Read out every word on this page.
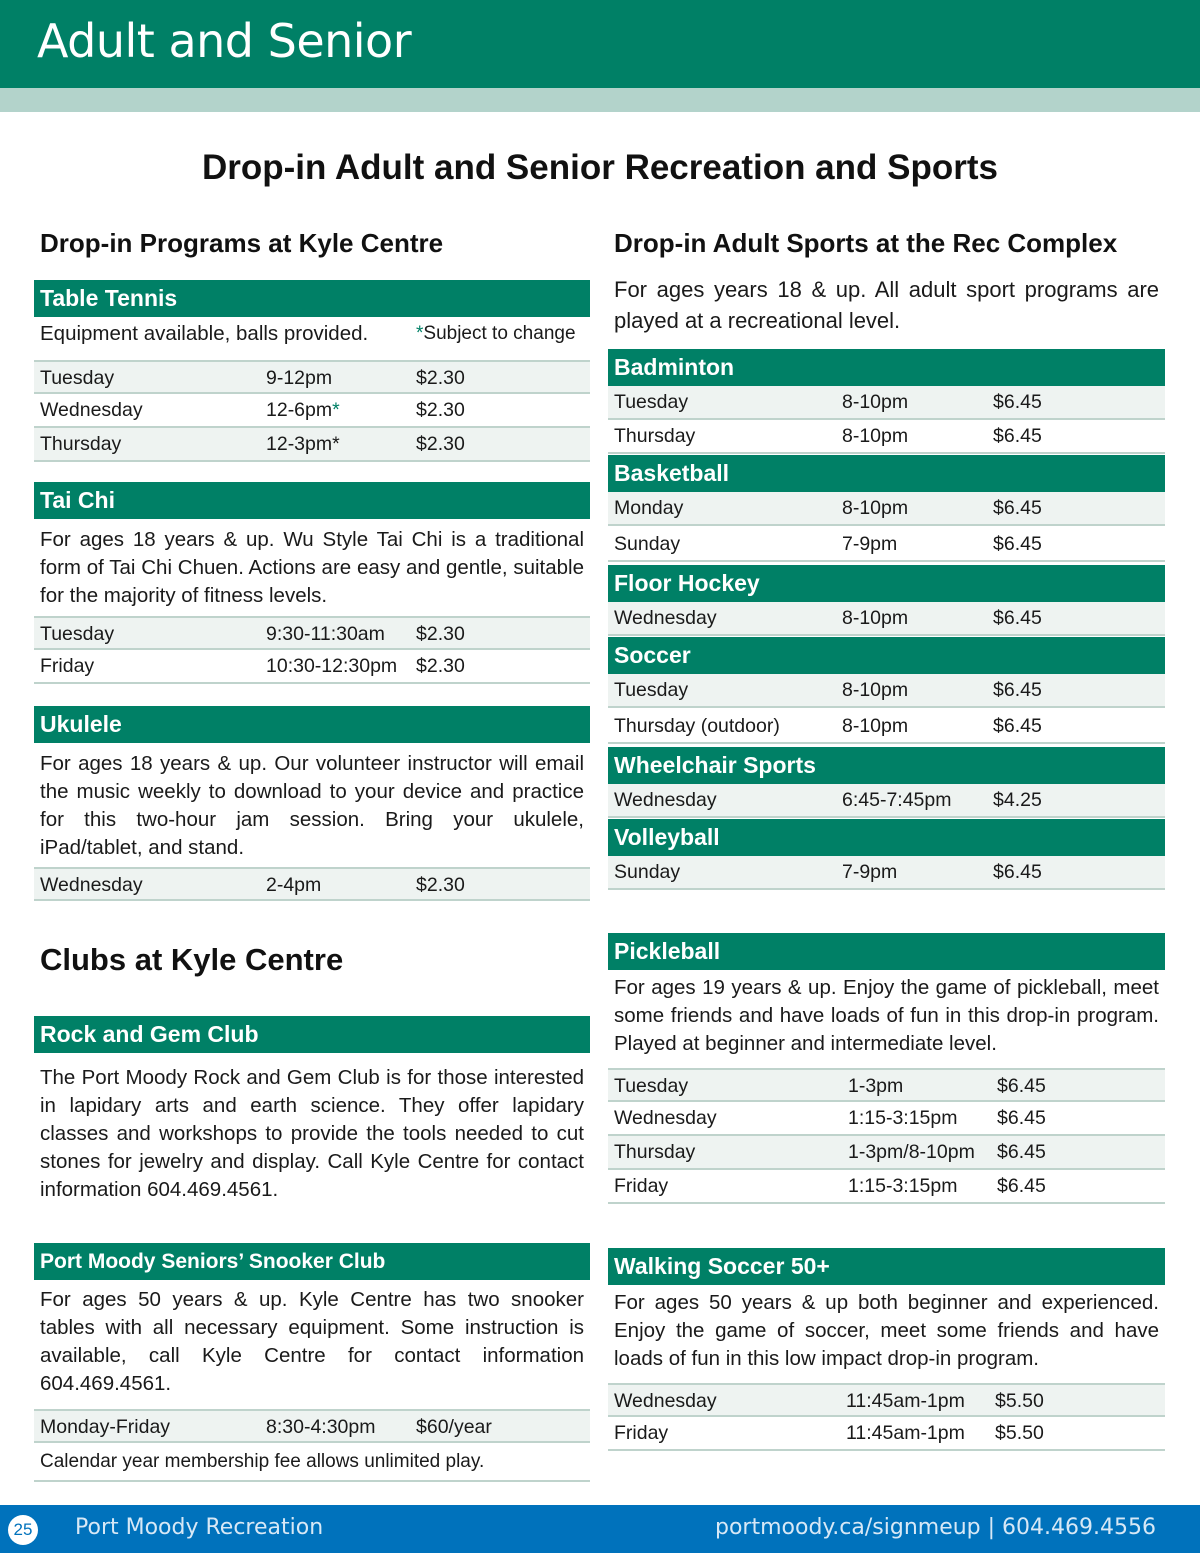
Adult and Senior
Drop-in Adult and Senior Recreation and Sports
Drop-in Programs at Kyle Centre
Table Tennis
Equipment available, balls provided.	*Subject to change
Tuesday	9-12pm	$2.30
Wednesday	12-6pm*	$2.30
Thursday	12-3pm*	$2.30
Tai Chi
For ages 18 years & up. Wu Style Tai Chi is a traditional form of Tai Chi Chuen. Actions are easy and gentle, suitable for the majority of fitness levels.
Tuesday	9:30-11:30am $2.30
Friday	10:30-12:30pm $2.30
Ukulele
For ages 18 years & up. Our volunteer instructor will email the music weekly to download to your device and practice for this two-hour jam session. Bring your ukulele, iPad/tablet, and stand.
Wednesday	2-4pm	$2.30
Clubs at Kyle Centre
Rock and Gem Club
The Port Moody Rock and Gem Club is for those interested in lapidary arts and earth science. They offer lapidary classes and workshops to provide the tools needed to cut stones for jewelry and display. Call Kyle Centre for contact information 604.469.4561.
Port Moody Seniors’ Snooker Club
For ages 50 years & up. Kyle Centre has two snooker tables with all necessary equipment. Some instruction is available, call Kyle Centre for contact information 604.469.4561.
Monday-Friday	8:30-4:30pm $60/year
Calendar year membership fee allows unlimited play.
Drop-in Adult Sports at the Rec Complex
For ages years 18 & up. All adult sport programs are played at a recreational level.
Badminton
Tuesday	8-10pm	$6.45
Thursday	8-10pm	$6.45
Basketball
Monday	8-10pm	$6.45
Sunday	7-9pm	$6.45
Floor Hockey
Wednesday	8-10pm	$6.45
Soccer
Tuesday	8-10pm	$6.45
Thursday (outdoor)	8-10pm	$6.45
Wheelchair Sports
Wednesday	6:45-7:45pm $4.25
Volleyball
Sunday	7-9pm	$6.45
Pickleball
For ages 19 years & up. Enjoy the game of pickleball, meet some friends and have loads of fun in this drop-in program. Played at beginner and intermediate level.
Tuesday	1-3pm	$6.45
Wednesday	1:15-3:15pm $6.45
Thursday	1-3pm/8-10pm $6.45
Friday	1:15-3:15pm $6.45
Walking Soccer 50+
For ages 50 years & up both beginner and experienced. Enjoy the game of soccer, meet some friends and have loads of fun in this low impact drop-in program.
Wednesday	11:45am-1pm $5.50
Friday	11:45am-1pm $5.50
25 Port Moody Recreation	portmoody.ca/signmeup | 604.469.4556
